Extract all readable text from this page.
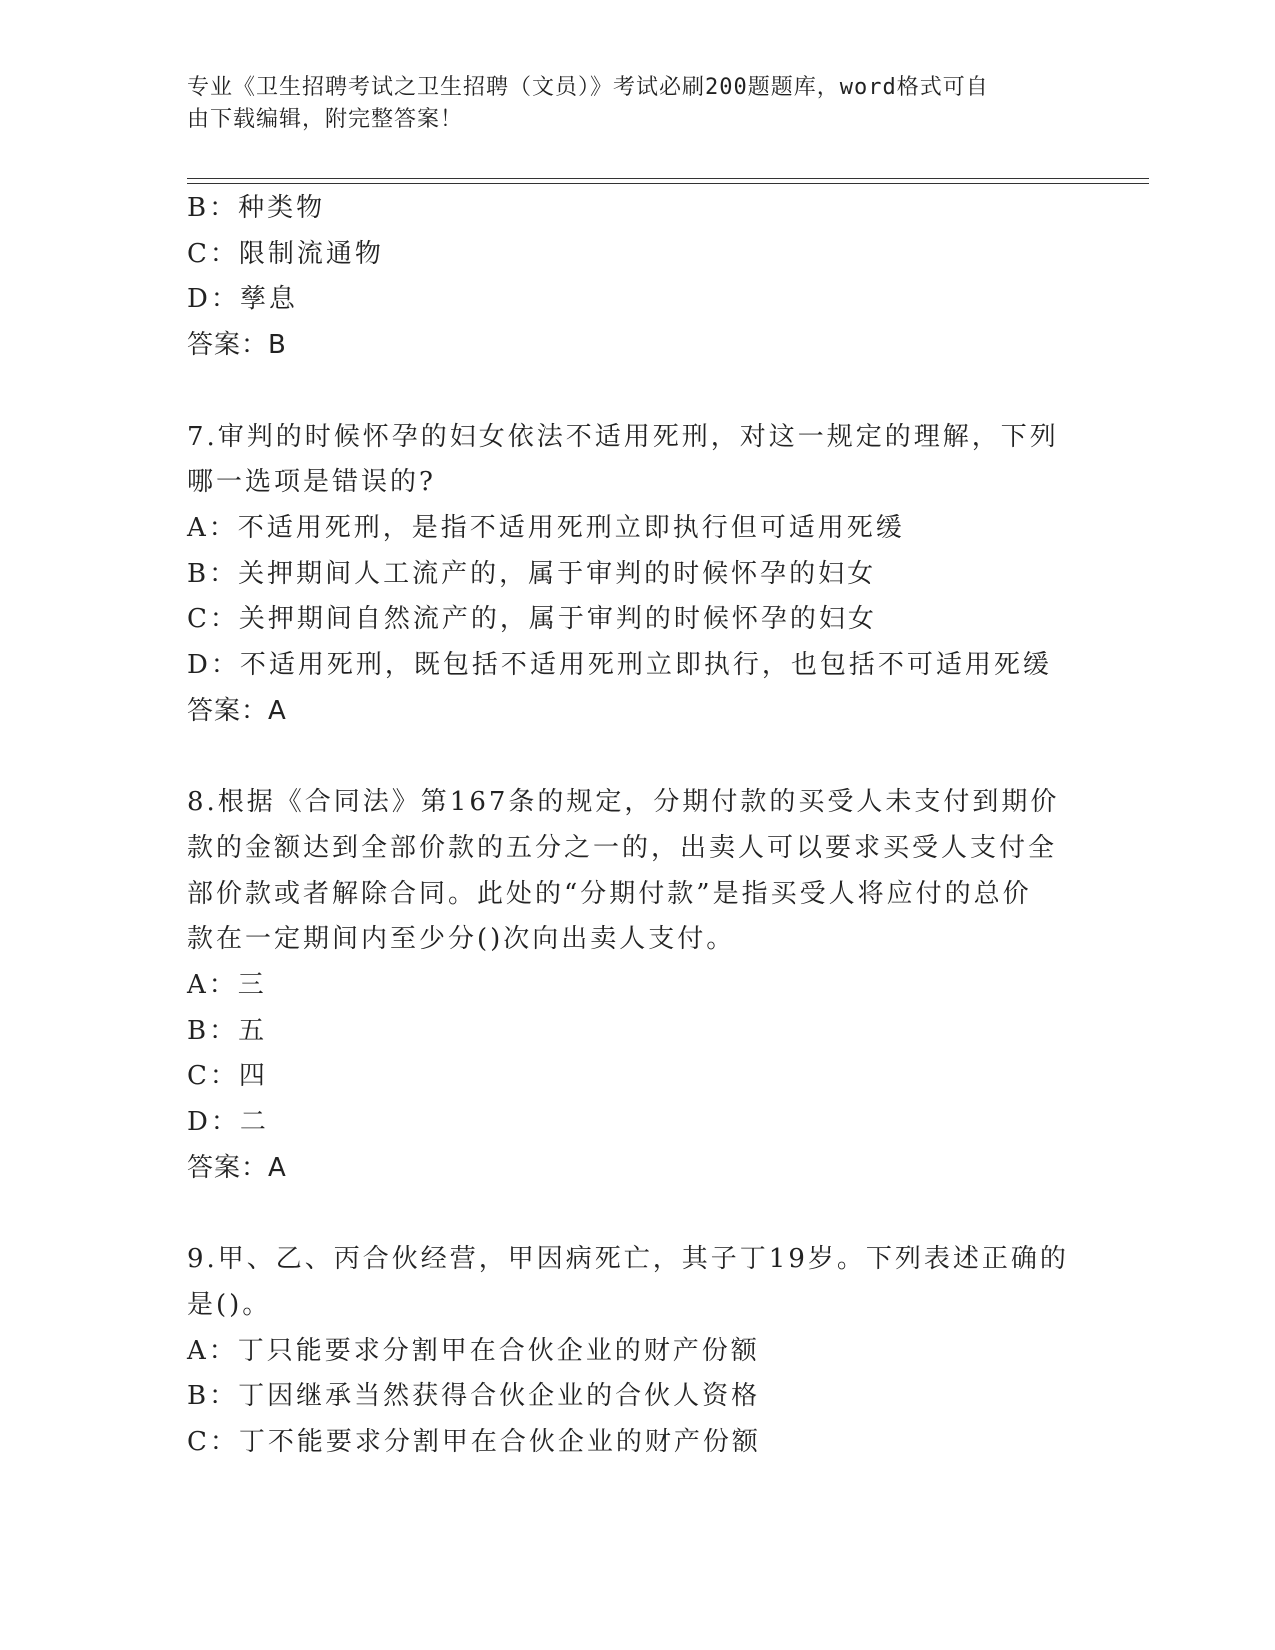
专业《卫生招聘考试之卫生招聘（文员）》考试必刷200题题库，word格式可自
由下载编辑，附完整答案！
B：种类物
C：限制流通物
D：孳息
答案：B
7.审判的时候怀孕的妇女依法不适用死刑，对这一规定的理解，下列
哪一选项是错误的?
A：不适用死刑，是指不适用死刑立即执行但可适用死缓
B：关押期间人工流产的，属于审判的时候怀孕的妇女
C：关押期间自然流产的，属于审判的时候怀孕的妇女
D：不适用死刑，既包括不适用死刑立即执行，也包括不可适用死缓
答案：A
8.根据《合同法》第167条的规定，分期付款的买受人未支付到期价
款的金额达到全部价款的五分之一的，出卖人可以要求买受人支付全
部价款或者解除合同。此处的“分期付款”是指买受人将应付的总价
款在一定期间内至少分()次向出卖人支付。
A：三
B：五
C：四
D：二
答案：A
9.甲、乙、丙合伙经营，甲因病死亡，其子丁19岁。下列表述正确的
是()。
A：丁只能要求分割甲在合伙企业的财产份额
B：丁因继承当然获得合伙企业的合伙人资格
C：丁不能要求分割甲在合伙企业的财产份额
